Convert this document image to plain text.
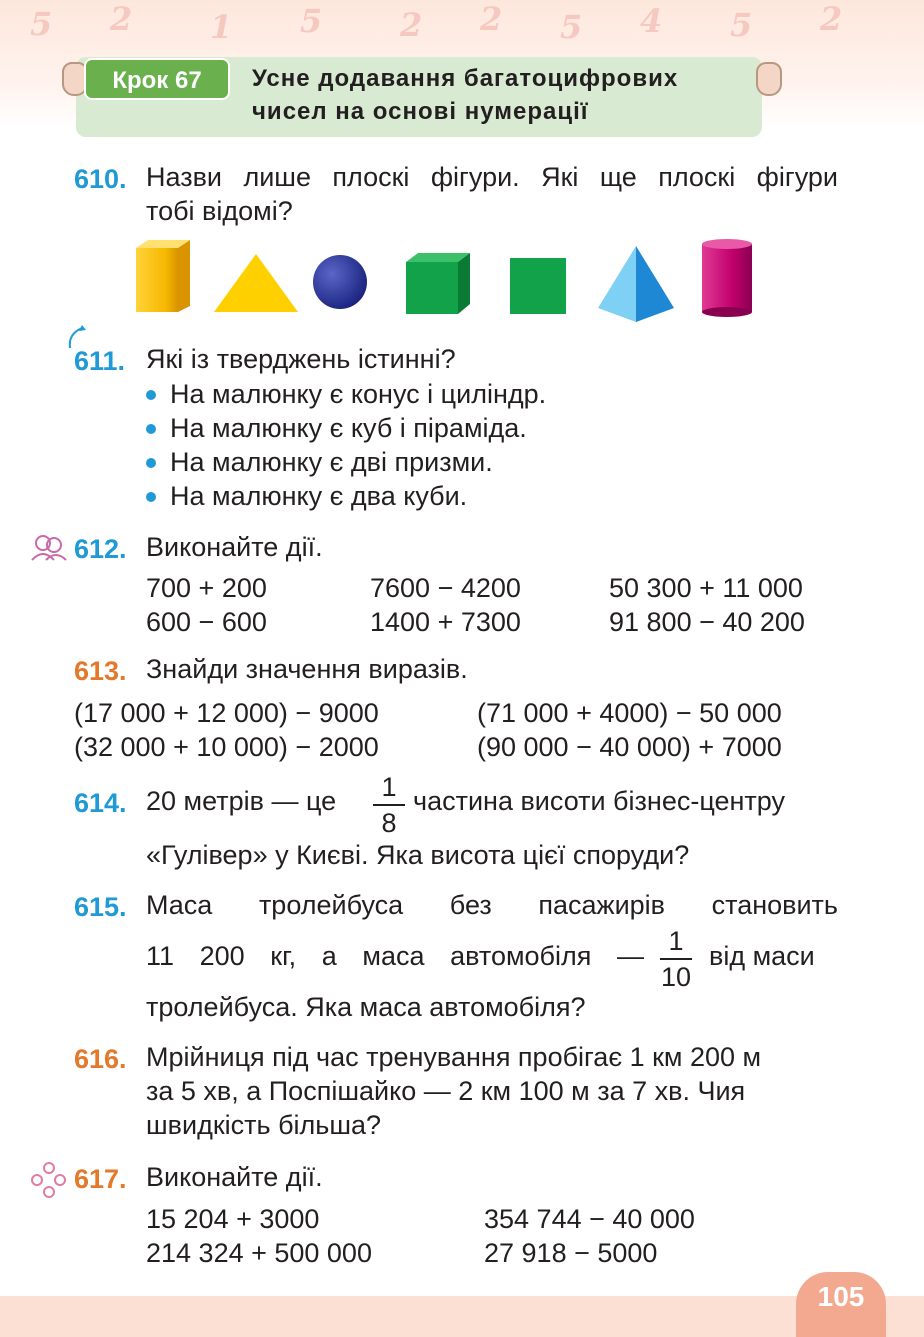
5 2 1 5 2 2 5 4 5 2
Крок 67	Усне додавання багатоцифрових
чисел на основі нумерації
610. Назви лише плоскі фігури. Які ще плоскі фігури
тобі відомі?
611. Які із тверджень істинні?
На малюнку є конус і циліндр.
На малюнку є куб і піраміда.
На малюнку є дві призми.
На малюнку є два куби.
612. Виконайте дії.
700 + 200	7600 − 4200	50 300 + 11 000
600 − 600	1400 + 7300	91 800 − 40 200
613. Знайди значення виразів.
(17 000 + 12 000) − 9000	(71 000 + 4000) − 50 000
(32 000 + 10 000) − 2000	(90 000 − 40 000) + 7000
614. 20 метрів — це	1
8
частина висоти бізнес-центру
«Гулівер» у Києві. Яка висота цієї споруди?
615. Маса тролейбуса без пасажирів становить
11 200 кг, а маса автомобіля — 1
10
від маси
тролейбуса. Яка маса автомобіля?
616. Мрійниця під час тренування пробігає 1 км 200 м
за 5 хв, а Поспішайко — 2 км 100 м за 7 хв. Чия
швидкість більша?
617. Виконайте дії.
15 204 + 3000	354 744 − 40 000
214 324 + 500 000	27 918 − 5000
105
